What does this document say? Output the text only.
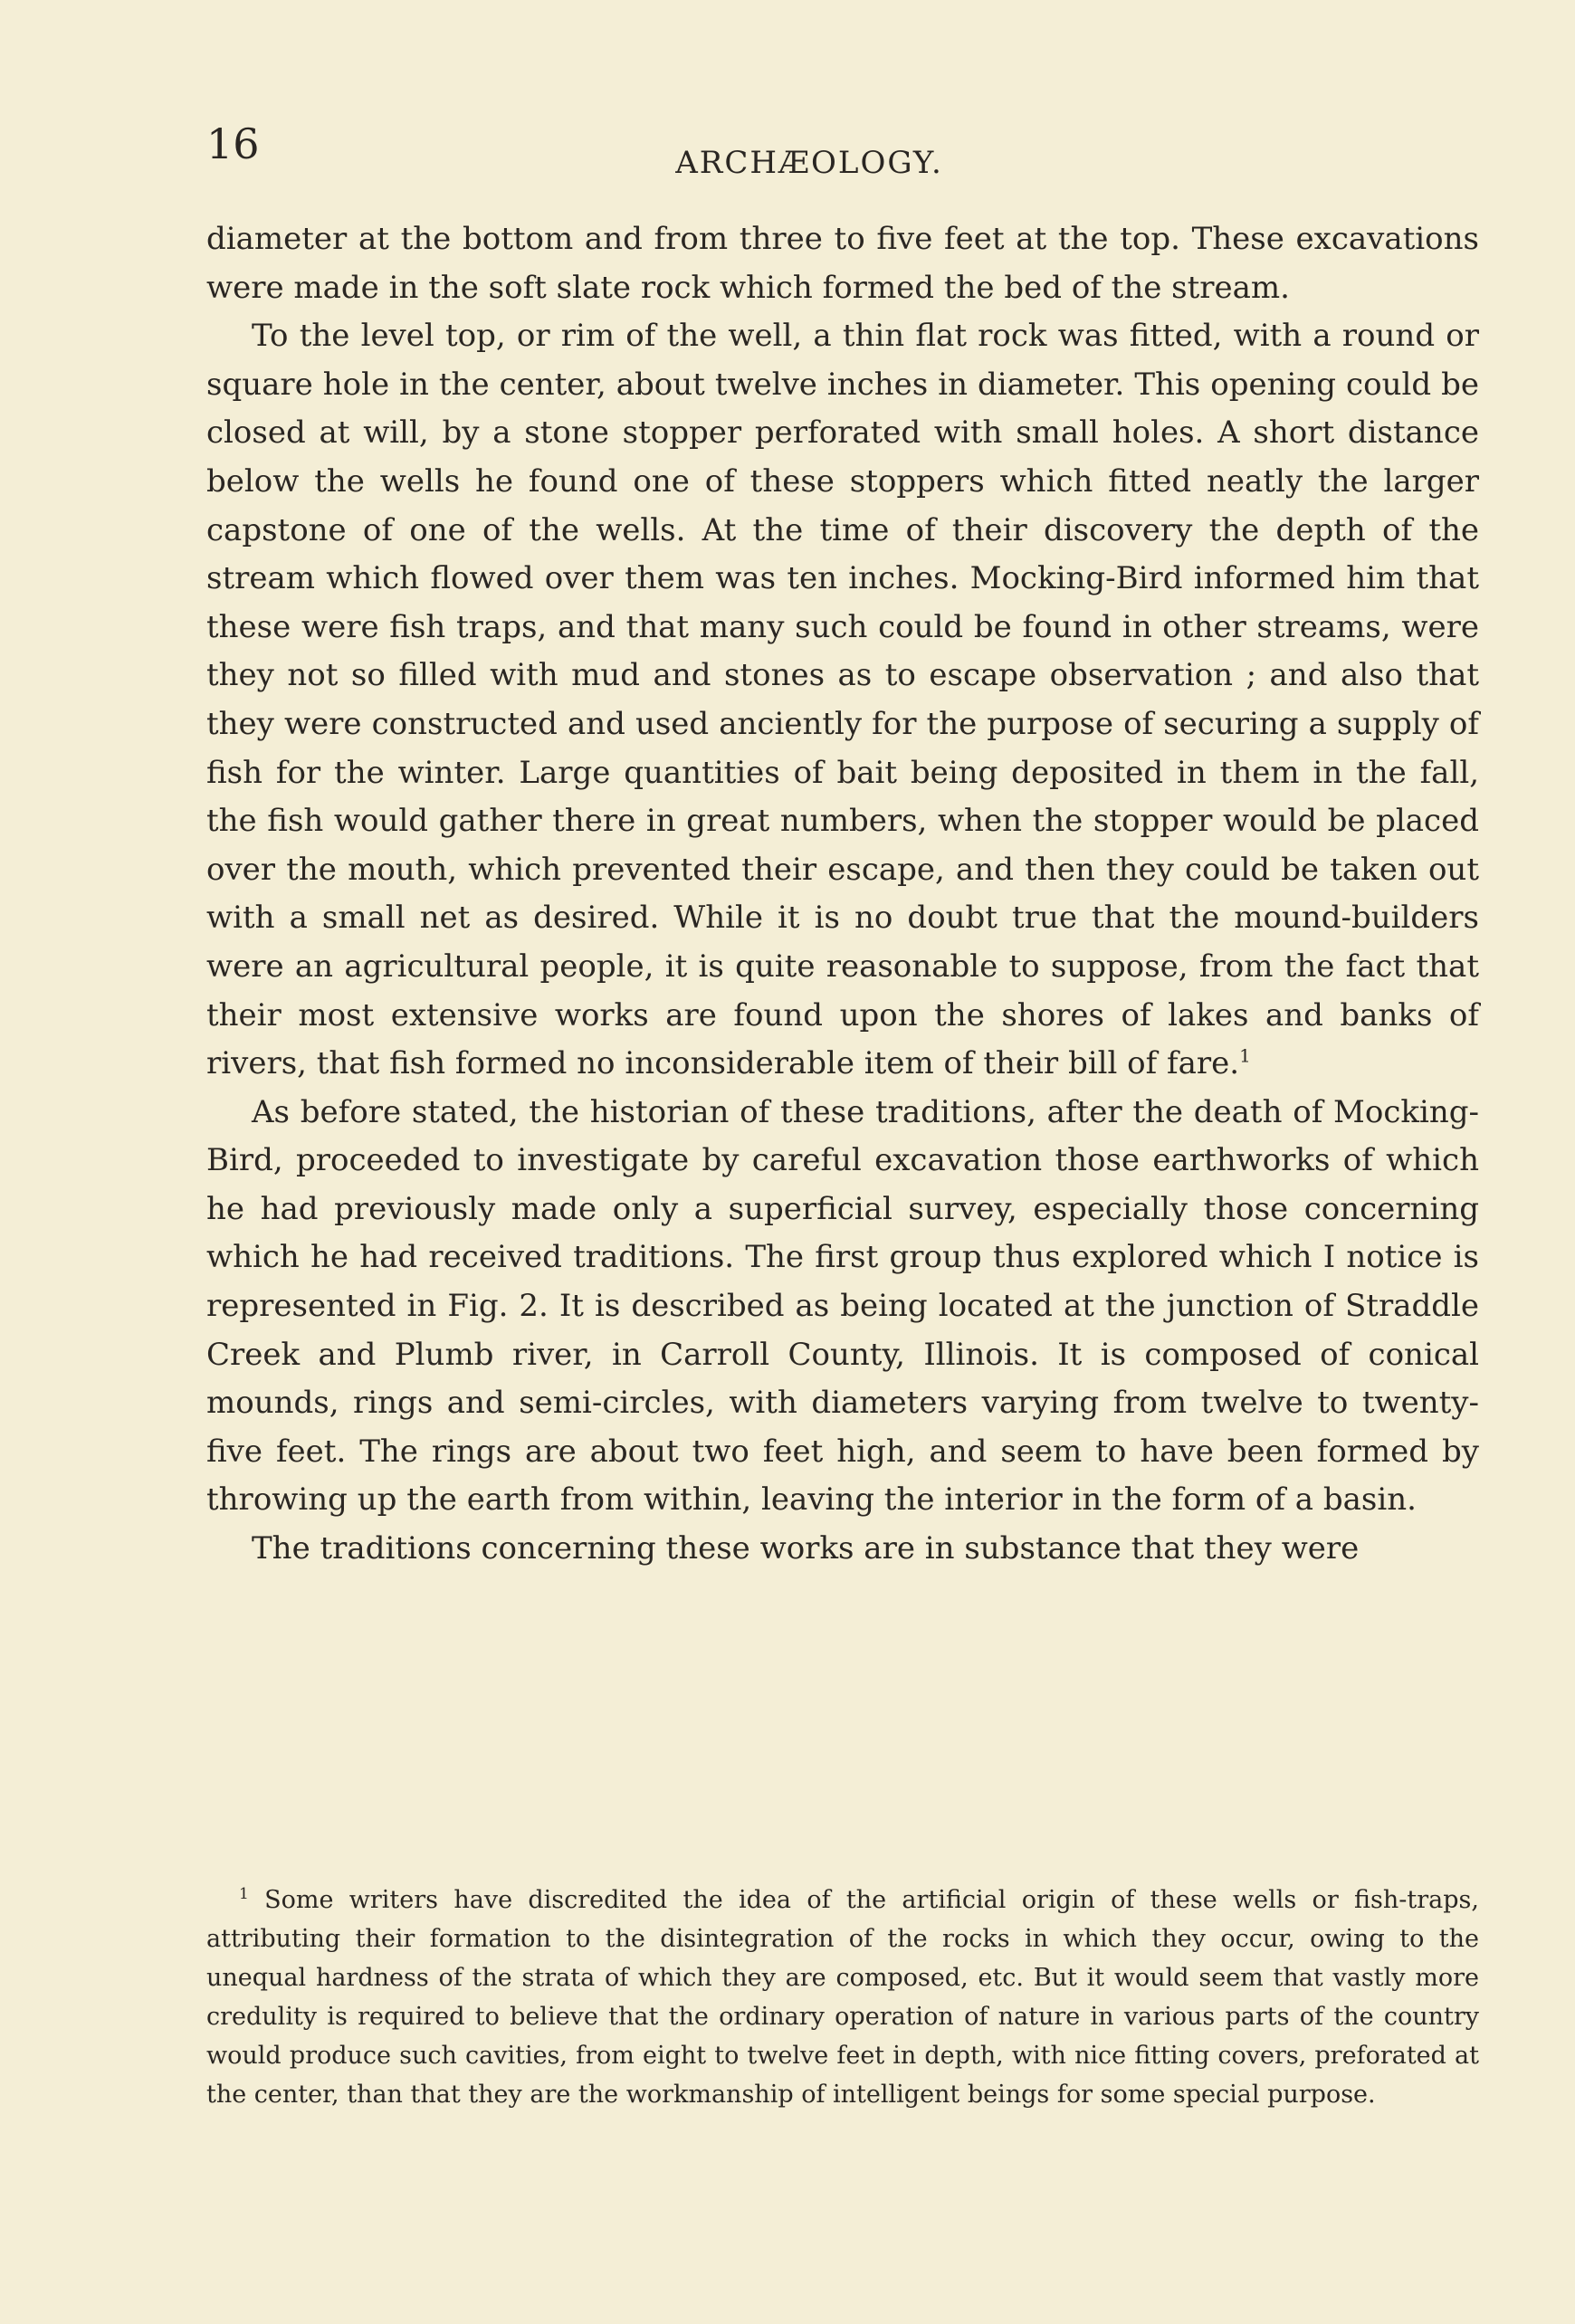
16	ARCHÆOLOGY.

diameter at the bottom and from three to five feet at the top. These excavations were made in the soft slate rock which formed the bed of the stream.

To the level top, or rim of the well, a thin flat rock was fitted, with a round or square hole in the center, about twelve inches in diameter. This opening could be closed at will, by a stone stopper perforated with small holes. A short distance below the wells he found one of these stoppers which fitted neatly the larger capstone of one of the wells. At the time of their discovery the depth of the stream which flowed over them was ten inches. Mocking-Bird informed him that these were fish traps, and that many such could be found in other streams, were they not so filled with mud and stones as to escape observation ; and also that they were constructed and used anciently for the purpose of securing a supply of fish for the winter. Large quantities of bait being deposited in them in the fall, the fish would gather there in great numbers, when the stopper would be placed over the mouth, which prevented their escape, and then they could be taken out with a small net as desired. While it is no doubt true that the mound-builders were an agricultural people, it is quite reasonable to suppose, from the fact that their most extensive works are found upon the shores of lakes and banks of rivers, that fish formed no inconsiderable item of their bill of fare.$^1$

As before stated, the historian of these traditions, after the death of Mocking-Bird, proceeded to investigate by careful excavation those earthworks of which he had previously made only a superficial survey, especially those concerning which he had received traditions. The first group thus explored which I notice is represented in Fig. 2. It is described as being located at the junction of Straddle Creek and Plumb river, in Carroll County, Illinois. It is composed of conical mounds, rings and semi-circles, with diameters varying from twelve to twenty-five feet. The rings are about two feet high, and seem to have been formed by throwing up the earth from within, leaving the interior in the form of a basin.

The traditions concerning these works are in substance that they were

$^1$ Some writers have discredited the idea of the artificial origin of these wells or fish-traps, attributing their formation to the disintegration of the rocks in which they occur, owing to the unequal hardness of the strata of which they are composed, etc. But it would seem that vastly more credulity is required to believe that the ordinary operation of nature in various parts of the country would produce such cavities, from eight to twelve feet in depth, with nice fitting covers, preforated at the center, than that they are the workmanship of intelligent beings for some special purpose.
